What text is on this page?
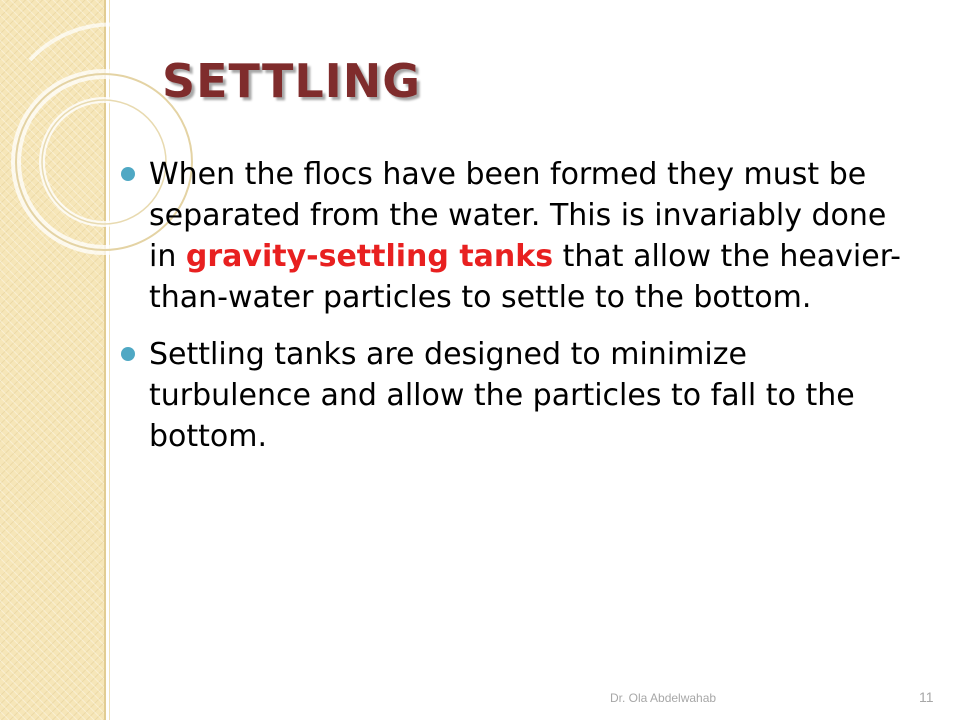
SETTLING
When the flocs have been formed they must be separated from the water. This is invariably done in gravity-settling tanks that allow the heavier-than-water particles to settle to the bottom.
Settling tanks are designed to minimize turbulence and allow the particles to fall to the bottom.
Dr. Ola Abdelwahab	11
